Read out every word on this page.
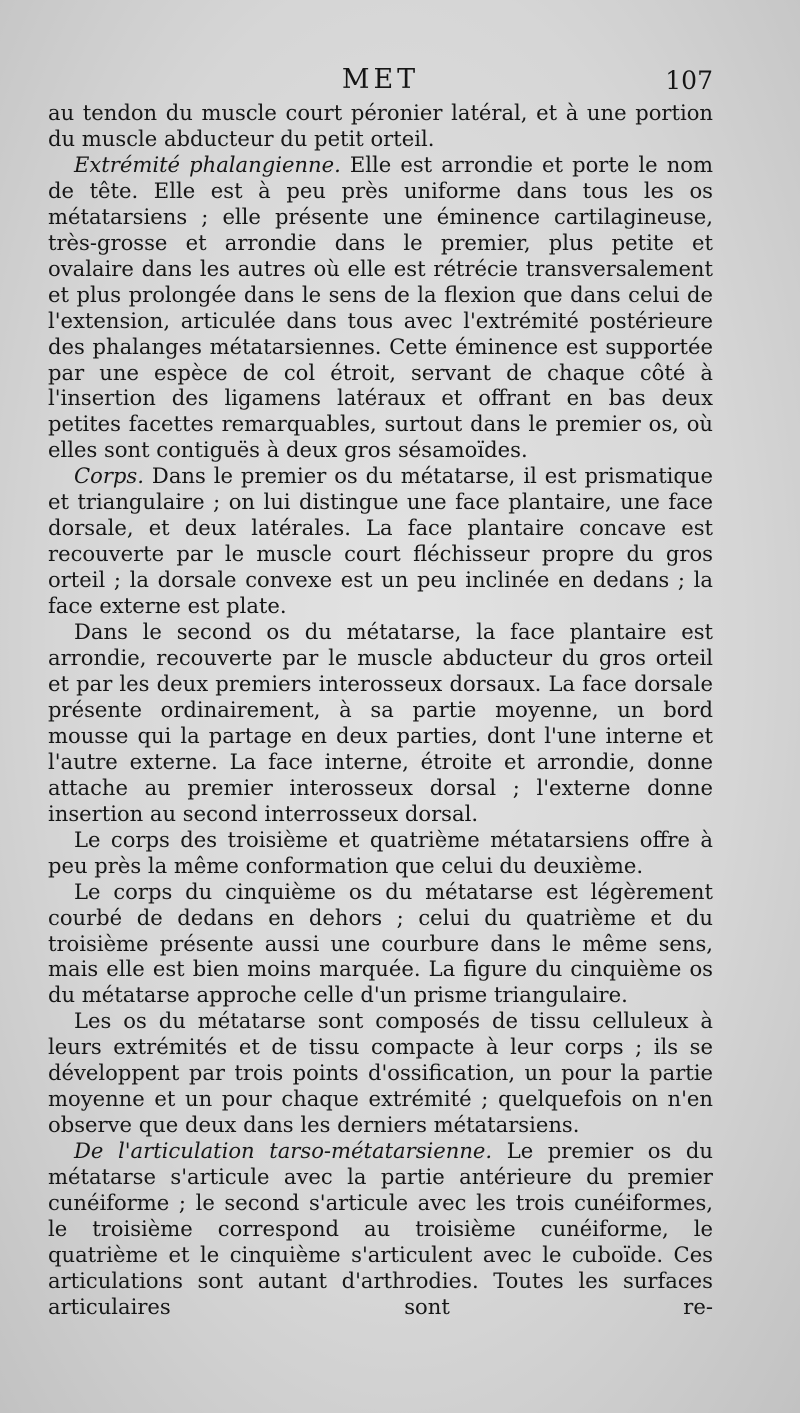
MET	107

au tendon du muscle court péronier latéral, et à une portion du muscle abducteur du petit orteil.

Extrémité phalangienne. Elle est arrondie et porte le nom de tête. Elle est à peu près uniforme dans tous les os métatarsiens ; elle présente une éminence cartilagineuse, très-grosse et arrondie dans le premier, plus petite et ovalaire dans les autres où elle est rétrécie transversalement et plus prolongée dans le sens de la flexion que dans celui de l'extension, articulée dans tous avec l'extrémité postérieure des phalanges métatarsiennes. Cette éminence est supportée par une espèce de col étroit, servant de chaque côté à l'insertion des ligamens latéraux et offrant en bas deux petites facettes remarquables, surtout dans le premier os, où elles sont contiguës à deux gros sésamoïdes.

Corps. Dans le premier os du métatarse, il est prismatique et triangulaire ; on lui distingue une face plantaire, une face dorsale, et deux latérales. La face plantaire concave est recouverte par le muscle court fléchisseur propre du gros orteil ; la dorsale convexe est un peu inclinée en dedans ; la face externe est plate.

Dans le second os du métatarse, la face plantaire est arrondie, recouverte par le muscle abducteur du gros orteil et par les deux premiers interosseux dorsaux. La face dorsale présente ordinairement, à sa partie moyenne, un bord mousse qui la partage en deux parties, dont l'une interne et l'autre externe. La face interne, étroite et arrondie, donne attache au premier interosseux dorsal ; l'externe donne insertion au second interrosseux dorsal.

Le corps des troisième et quatrième métatarsiens offre à peu près la même conformation que celui du deuxième.

Le corps du cinquième os du métatarse est légèrement courbé de dedans en dehors ; celui du quatrième et du troisième présente aussi une courbure dans le même sens, mais elle est bien moins marquée. La figure du cinquième os du métatarse approche celle d'un prisme triangulaire.

Les os du métatarse sont composés de tissu celluleux à leurs extrémités et de tissu compacte à leur corps ; ils se développent par trois points d'ossification, un pour la partie moyenne et un pour chaque extrémité ; quelquefois on n'en observe que deux dans les derniers métatarsiens.

De l'articulation tarso-métatarsienne. Le premier os du métatarse s'articule avec la partie antérieure du premier cunéiforme ; le second s'articule avec les trois cunéiformes, le troisième correspond au troisième cunéiforme, le quatrième et le cinquième s'articulent avec le cuboïde. Ces articulations sont autant d'arthrodies. Toutes les surfaces articulaires sont re-
